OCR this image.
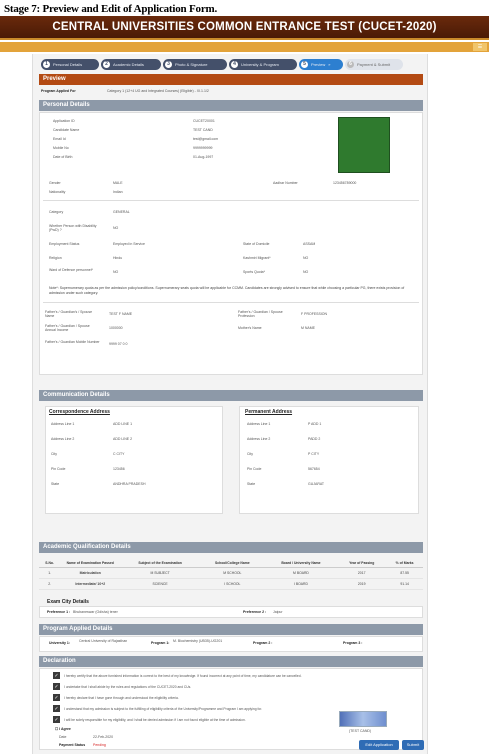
Stage 7: Preview and Edit of Application Form.
CENTRAL UNIVERSITIES COMMON ENTRANCE TEST (CUCET-2020)
☰
1	Personal Details	2	Academic Details	3	Photo & Signature	4	University & Program	5	Preview »	6	Payment & Submit
Preview
Program Applied For	Category 1 (12+4 UG and Integrated Courses) (Eligible) - XI.1.1/2
Personal Details
Application ID	CUCET20001
Candidate Name	TEST CAND
Email Id	test@gmail.com
Mobile No	9999999999
Date of Birth	01-Aug-1997
Gender	MALE	Aadhar Number	123456789000
Nationality	Indian
Category	GENERAL
Whether Person with Disability (PwD) ?	NO
Employment Status	Employed in Service	State of Domicile	ASSAM
Religion	Hindu	Kashmiri Migrant*	NO
Ward of Defence personnel*	NO	Sports Quota*	NO
Note*: Supernumerary quota as per the admission policy/conditions. Supernumerary seats quota will be applicable for CCMM. Candidates are strongly advised to ensure that while choosing a particular PG, there exists provision of admission under such category.
Father's / Guardian's / Spouse Name	TEST F NAME	Father's / Guardian / Spouse Profession	F PROFESSION
Father's / Guardian / Spouse Annual Income	1000000	Mother's Name	M NAME
Father's / Guardian Mobile Number	9999 07 0 0
Communication Details
Correspondence Address	Permanent Address
Address Line 1	ADD LINE 1
Address Line 2	ADD LINE 2
City	C CITY
Pin Code	123456
State	ANDHRA PRADESH
Address Line 1	P ADD 1
Address Line 2	PADD 2
City	P CITY
Pin Code	567654
State	GUJARAT
Academic Qualification Details
S.No.	Name of Examination Passed	Subject of the Examination	School/College Name	Board / University Name	Year of Passing	% of Marks
1.	Matriculation	M SUBJECT	M SCHOOL	M BOARD	2017	87.55
2.	Intermediate/ 10+2	SCIENCE	I SCHOOL	I BOARD	2019	91.14
Exam City Details
Preference 1 : Bhubaneswar (Odisha) tener	Preference 2 : Jaipur
Program Applied Details
University 1:	Central University of Rajasthan	Program 1: M. Biochemistry (UB35)-UG201	Program 2 :	Program 3 :
Declaration
✓	I hereby certify that the above furnished information is correct to the best of my knowledge. If found incorrect at any point of time, my candidature can be cancelled.
✓	I undertake that I shall abide by the rules and regulations of the CUCET-2020 and CUs.
✓	I hereby declare that I have gone through and understood the eligibility criteria.
✓	I understand that my admission is subject to the fulfilling of eligibility criteria of the University/Programme and Program I am applying for.
✓	I will be solely responsible for my eligibility, and I shall be denied admission if I am not found eligible at the time of admission.
☐ I Agree
Date	22-Feb-2020
Payment Status Pending
(TEST CAND)
Edit Application	Submit
